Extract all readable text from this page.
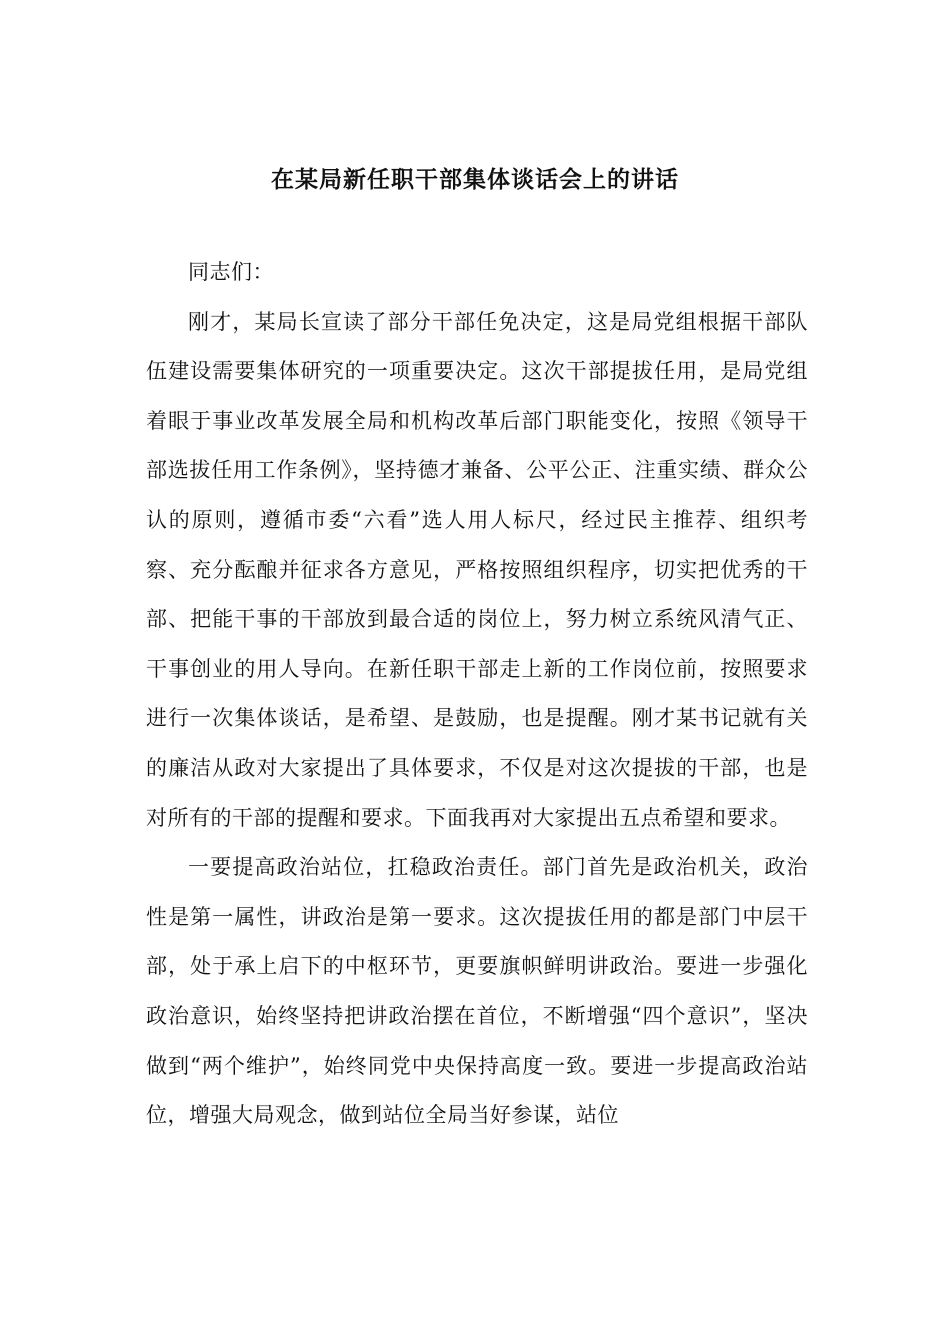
在某局新任职干部集体谈话会上的讲话

同志们：

刚才，某局长宣读了部分干部任免决定，这是局党组根据干部队伍建设需要集体研究的一项重要决定。这次干部提拔任用，是局党组着眼于事业改革发展全局和机构改革后部门职能变化，按照《领导干部选拔任用工作条例》，坚持德才兼备、公平公正、注重实绩、群众公认的原则，遵循市委“六看”选人用人标尺，经过民主推荐、组织考察、充分酝酿并征求各方意见，严格按照组织程序，切实把优秀的干部、把能干事的干部放到最合适的岗位上，努力树立系统风清气正、干事创业的用人导向。在新任职干部走上新的工作岗位前，按照要求进行一次集体谈话，是希望、是鼓励，也是提醒。刚才某书记就有关的廉洁从政对大家提出了具体要求，不仅是对这次提拔的干部，也是对所有的干部的提醒和要求。下面我再对大家提出五点希望和要求。

一要提高政治站位，扛稳政治责任。部门首先是政治机关，政治性是第一属性，讲政治是第一要求。这次提拔任用的都是部门中层干部，处于承上启下的中枢环节，更要旗帜鲜明讲政治。要进一步强化政治意识，始终坚持把讲政治摆在首位，不断增强“四个意识”，坚决做到“两个维护”，始终同党中央保持高度一致。要进一步提高政治站位，增强大局观念，做到站位全局当好参谋，站位
